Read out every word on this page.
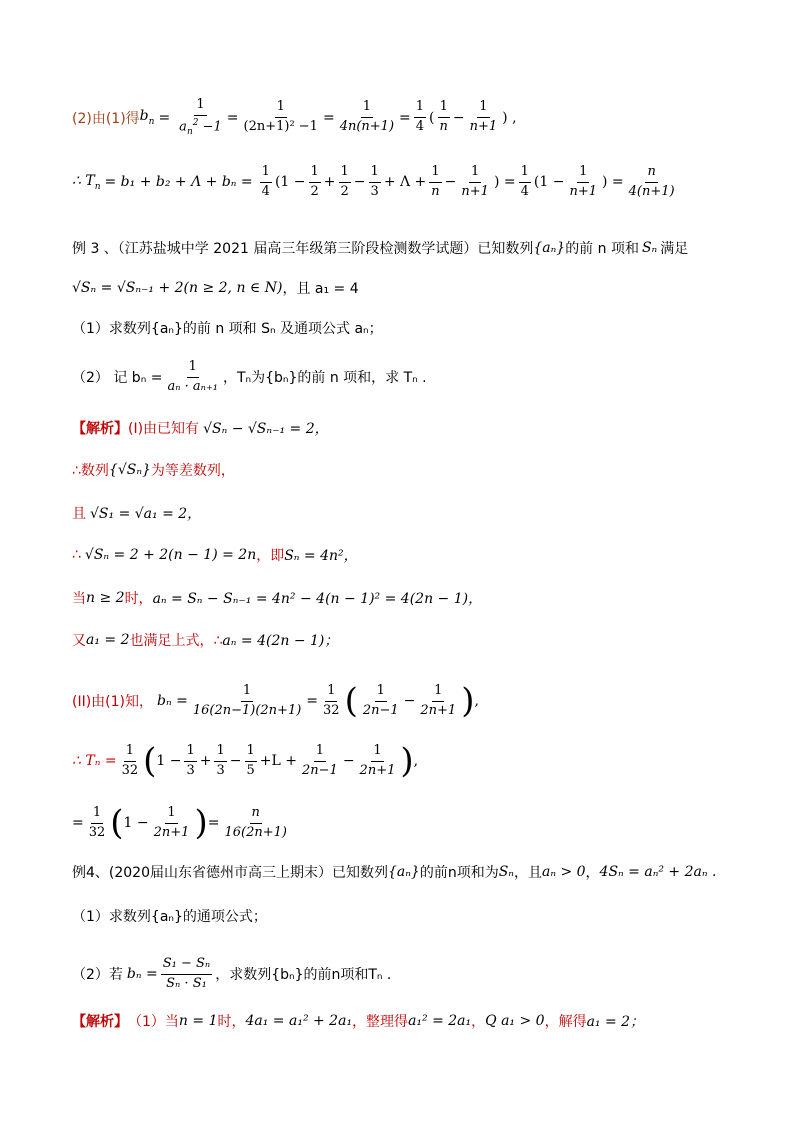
(2)由(1)得 $b_n = \frac{1}{a_n^2 -1} = \frac{1}{\text{(2n+1)² −1}} = \frac{1}{4n(n+1)} = \frac{1}{4}$ ( $\frac{1}{n} - \frac{1}{n+1}$ ) ,
∴ $T_n = b_1 + b_2 + \Lambda + b_n = \frac{1}{4} (1 - \frac{1}{2} + \frac{1}{2} - \frac{1}{3} + \Lambda + \frac{1}{n} - \frac{1}{n+1}$ ) = $\frac{1}{4} (1 - \frac{1}{n+1}$ ) = $\frac{n}{4(n+1)}$
例 3 、（江苏盐城中学 2021 届高三年级第三阶段检测数学试题）已知数列 {aₙ} 的前 n 项和 Sₙ 满足
√Sₙ = √Sₙ₋₁ + 2(n ≥ 2, n ∈ N) ，且 a₁ = 4
（1）求数列{aₙ}的前 n 项和 Sₙ 及通项公式 aₙ；
（2） 记 $b_n = \frac{1}{\text{aₙ · aₙ₊₁}}$ ，Tₙ为{bₙ}的前 n 项和，求 Tₙ .
【解析】 (I)由已知有 √Sₙ − √Sₙ₋₁ = 2，
∴数列 {√Sₙ} 为等差数列，
且 √S₁ = √a₁ = 2，
∴ √Sₙ = 2 + 2(n − 1) = 2n ，即 Sₙ = 4n²，
当 n ≥ 2 时， aₙ = Sₙ − Sₙ₋₁ = 4n² − 4(n − 1)² = 4(2n − 1)，
又 a₁ = 2 也满足上式，∴ aₙ = 4(2n − 1)；
(II)由(1)知， $b_n = \frac{1}{16(2n-1)(2n+1)} = \frac{1}{32}$ ( $\frac{1}{2n-1} - \frac{1}{2n+1}$ ) ,
∴ $T_n = \frac{1}{32}$ ( $1 - \frac{1}{3} + \frac{1}{3} - \frac{1}{5} +L + \frac{1}{2n-1} - \frac{1}{2n+1}$ ) ,
= $\frac{1}{32}$ ( $1 - \frac{1}{2n+1}$ ) = $\frac{n}{16(2n+1)}$
例4、(2020届山东省德州市高三上期末）已知数列 {aₙ} 的前n项和为 Sₙ ，且 aₙ > 0 ， 4Sₙ = aₙ² + 2aₙ .
（1）求数列{aₙ}的通项公式；
（2）若 $b_n = \frac{\text{S₁ − Sₙ}}{\text{Sₙ · S₁}}$ ，求数列{bₙ}的前n项和Tₙ .
【解析】 （1）当 n = 1 时， 4a₁ = a₁² + 2a₁ ，整理得 a₁² = 2a₁ ， Q a₁ > 0 ，解得 a₁ = 2；
